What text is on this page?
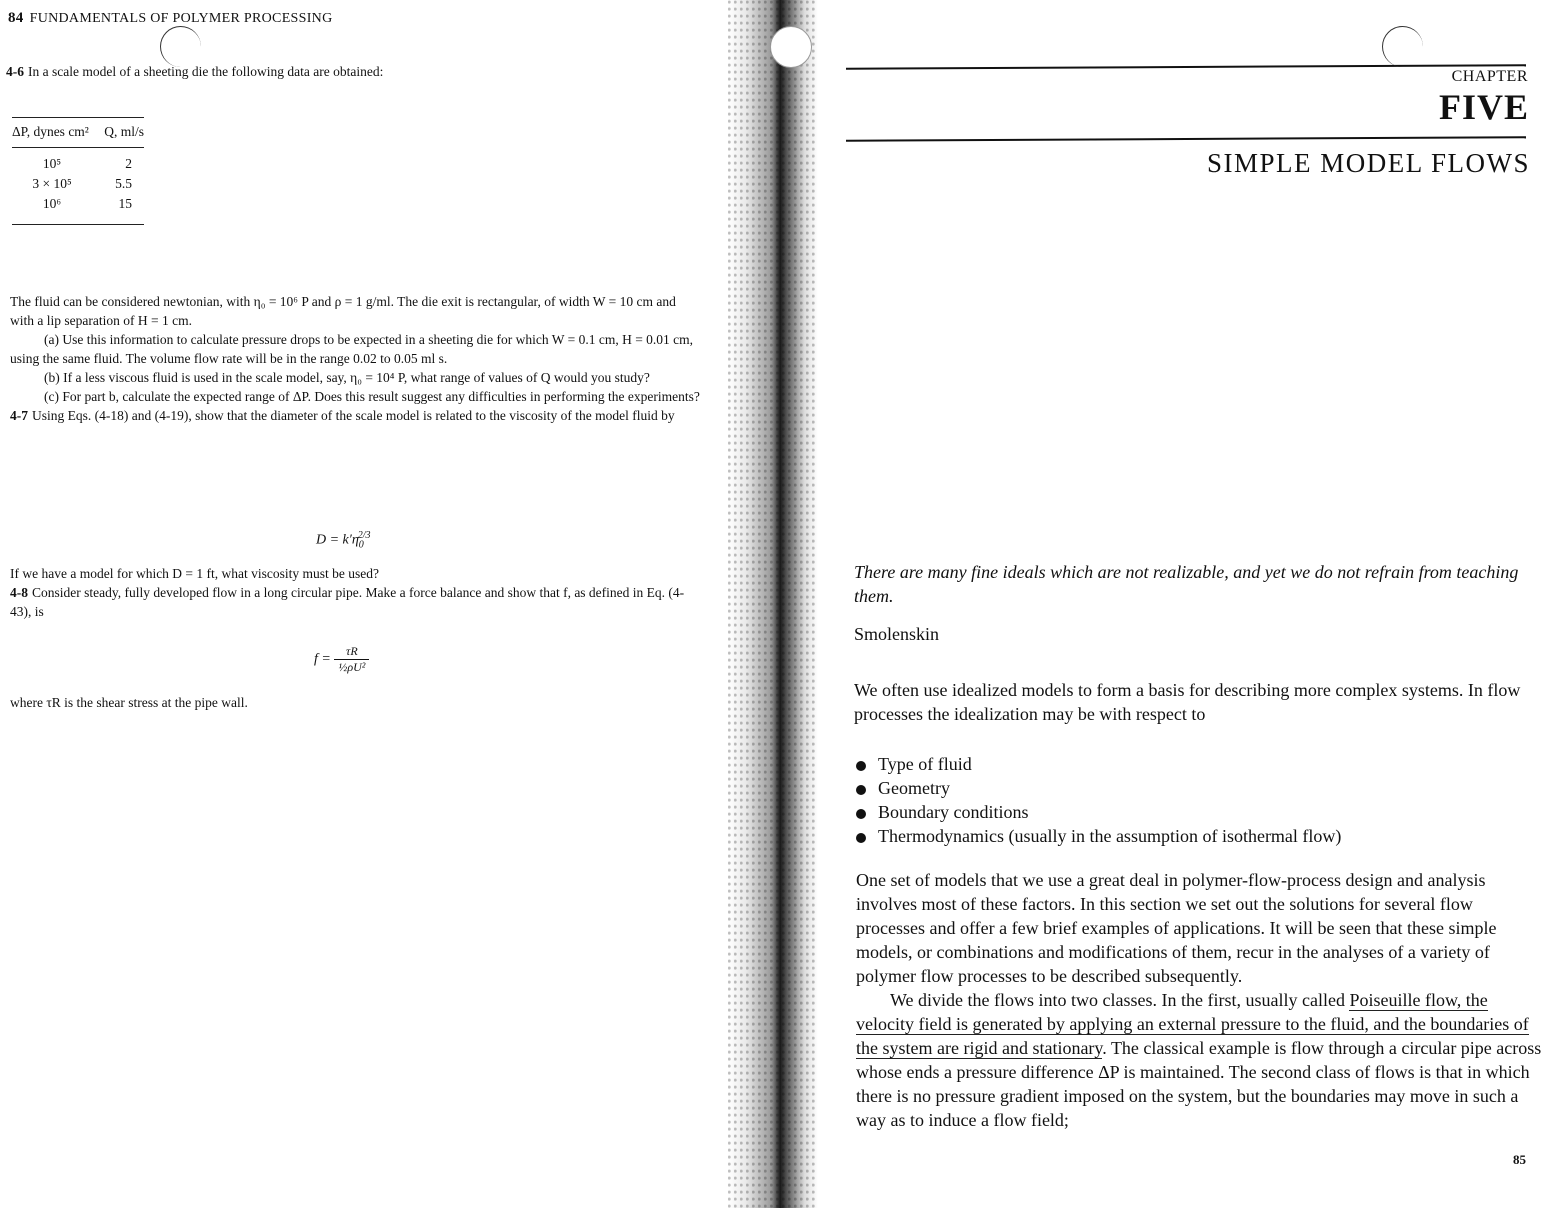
84 FUNDAMENTALS OF POLYMER PROCESSING
4-6 In a scale model of a sheeting die the following data are obtained:
ΔP, dynes cm²	Q, ml/s
10⁵	2
3 × 10⁵	5.5
10⁶	15
The fluid can be considered newtonian, with η₀ = 10⁶ P and ρ = 1 g/ml. The die exit is rectangular, of width W = 10 cm and with a lip separation of H = 1 cm.
(a) Use this information to calculate pressure drops to be expected in a sheeting die for which W = 0.1 cm, H = 0.01 cm, using the same fluid. The volume flow rate will be in the range 0.02 to 0.05 ml s.
(b) If a less viscous fluid is used in the scale model, say, η₀ = 10⁴ P, what range of values of Q would you study?
(c) For part b, calculate the expected range of ΔP. Does this result suggest any difficulties in performing the experiments?
4-7 Using Eqs. (4-18) and (4-19), show that the diameter of the scale model is related to the viscosity of the model fluid by
$D = k'\eta_0^{2/3}$
If we have a model for which D = 1 ft, what viscosity must be used?
4-8 Consider steady, fully developed flow in a long circular pipe. Make a force balance and show that f, as defined in Eq. (4-43), is
$f = \frac{\tau R}{\text{½ρU²}}$
where τR is the shear stress at the pipe wall.
CHAPTER
FIVE
SIMPLE MODEL FLOWS
There are many fine ideals which are not realizable, and yet we do not refrain from teaching them.
Smolenskin
We often use idealized models to form a basis for describing more complex systems. In flow processes the idealization may be with respect to
Type of fluid
Geometry
Boundary conditions
Thermodynamics (usually in the assumption of isothermal flow)
One set of models that we use a great deal in polymer-flow-process design and analysis involves most of these factors. In this section we set out the solutions for several flow processes and offer a few brief examples of applications. It will be seen that these simple models, or combinations and modifications of them, recur in the analyses of a variety of polymer flow processes to be described subsequently.
We divide the flows into two classes. In the first, usually called Poiseuille flow, the velocity field is generated by applying an external pressure to the fluid, and the boundaries of the system are rigid and stationary. The classical example is flow through a circular pipe across whose ends a pressure difference ΔP is maintained. The second class of flows is that in which there is no pressure gradient imposed on the system, but the boundaries may move in such a way as to induce a flow field;
85
